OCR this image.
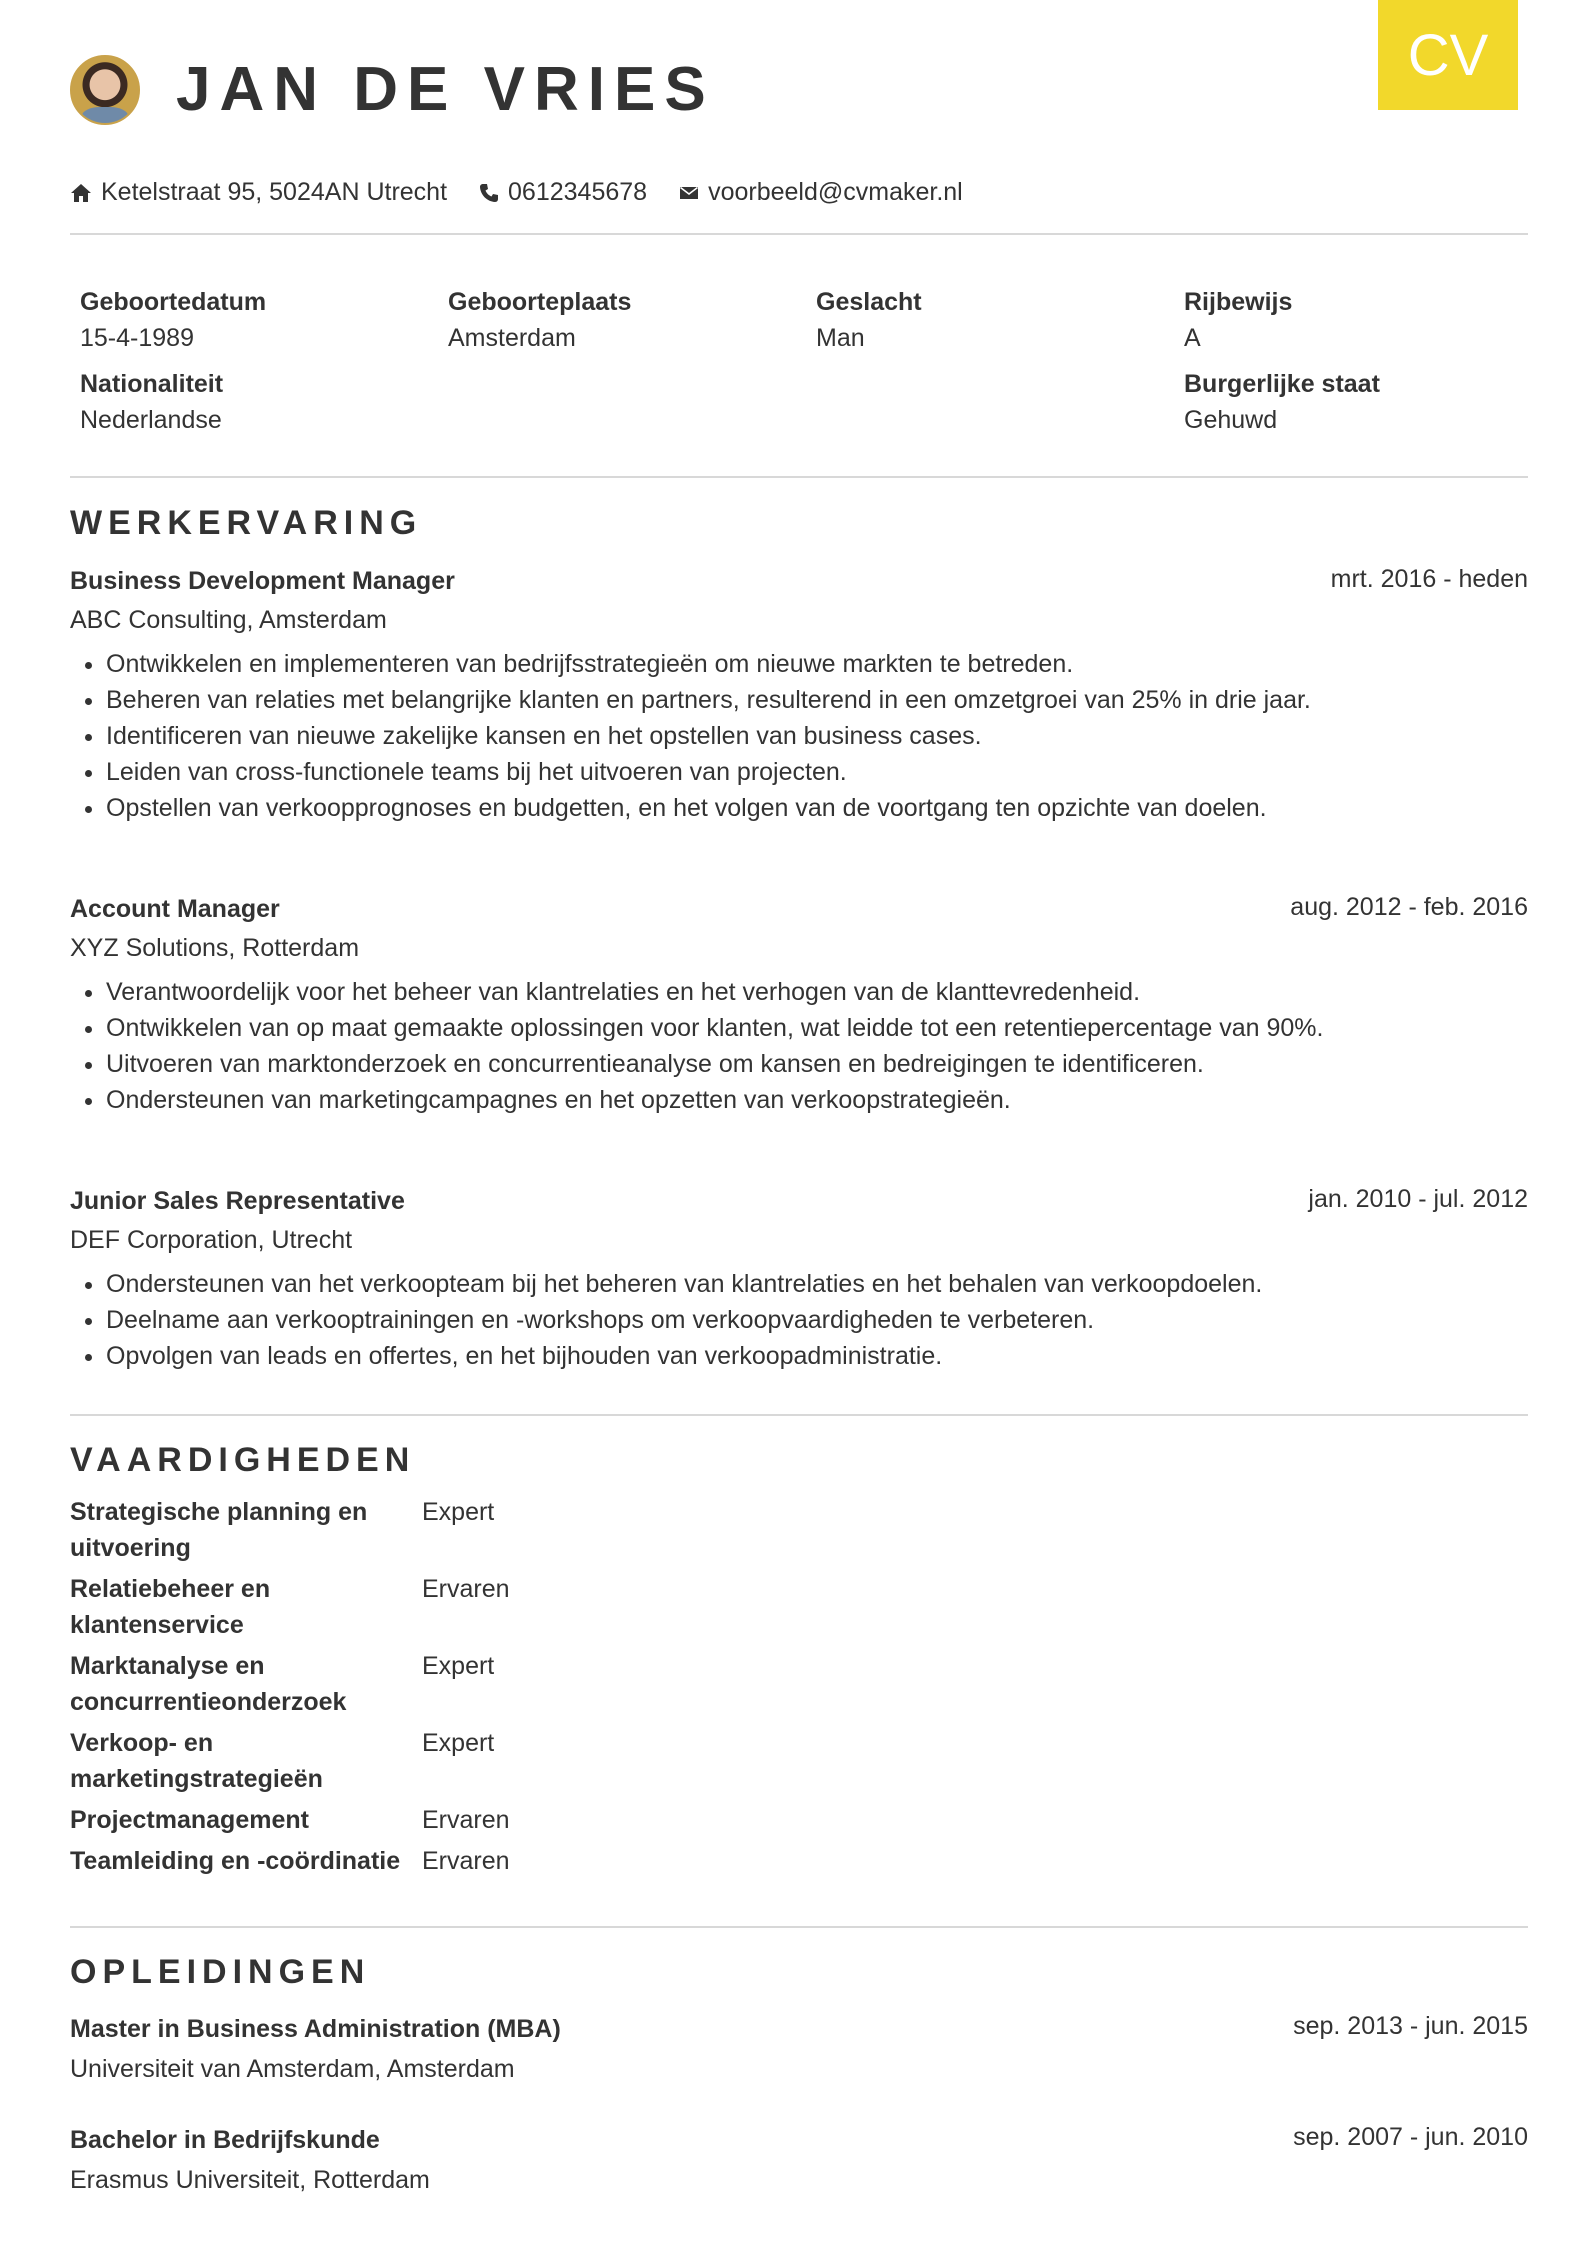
CV
JAN DE VRIES
Ketelstraat 95, 5024AN Utrecht 0612345678 voorbeeld@cvmaker.nl
Geboortedatum
15-4-1989
Geboorteplaats
Amsterdam
Geslacht
Man
Rijbewijs
A
Nationaliteit
Nederlandse
Burgerlijke staat
Gehuwd
WERKERVARING
Business Development Manager	mrt. 2016 - heden
ABC Consulting, Amsterdam
• Ontwikkelen en implementeren van bedrijfsstrategieën om nieuwe markten te betreden.
• Beheren van relaties met belangrijke klanten en partners, resulterend in een omzetgroei van 25% in drie jaar.
• Identificeren van nieuwe zakelijke kansen en het opstellen van business cases.
• Leiden van cross-functionele teams bij het uitvoeren van projecten.
• Opstellen van verkoopprognoses en budgetten, en het volgen van de voortgang ten opzichte van doelen.
Account Manager	aug. 2012 - feb. 2016
XYZ Solutions, Rotterdam
• Verantwoordelijk voor het beheer van klantrelaties en het verhogen van de klanttevredenheid.
• Ontwikkelen van op maat gemaakte oplossingen voor klanten, wat leidde tot een retentiepercentage van 90%.
• Uitvoeren van marktonderzoek en concurrentieanalyse om kansen en bedreigingen te identificeren.
• Ondersteunen van marketingcampagnes en het opzetten van verkoopstrategieën.
Junior Sales Representative	jan. 2010 - jul. 2012
DEF Corporation, Utrecht
• Ondersteunen van het verkoopteam bij het beheren van klantrelaties en het behalen van verkoopdoelen.
• Deelname aan verkooptrainingen en -workshops om verkoopvaardigheden te verbeteren.
• Opvolgen van leads en offertes, en het bijhouden van verkoopadministratie.
VAARDIGHEDEN
Strategische planning en uitvoering
Expert
Relatiebeheer en klantenservice
Ervaren
Marktanalyse en concurrentieonderzoek
Expert
Verkoop- en marketingstrategieën
Expert
Projectmanagement	Ervaren
Teamleiding en -coördinatie Ervaren
OPLEIDINGEN
Master in Business Administration (MBA)	sep. 2013 - jun. 2015
Universiteit van Amsterdam, Amsterdam
Bachelor in Bedrijfskunde	sep. 2007 - jun. 2010
Erasmus Universiteit, Rotterdam
